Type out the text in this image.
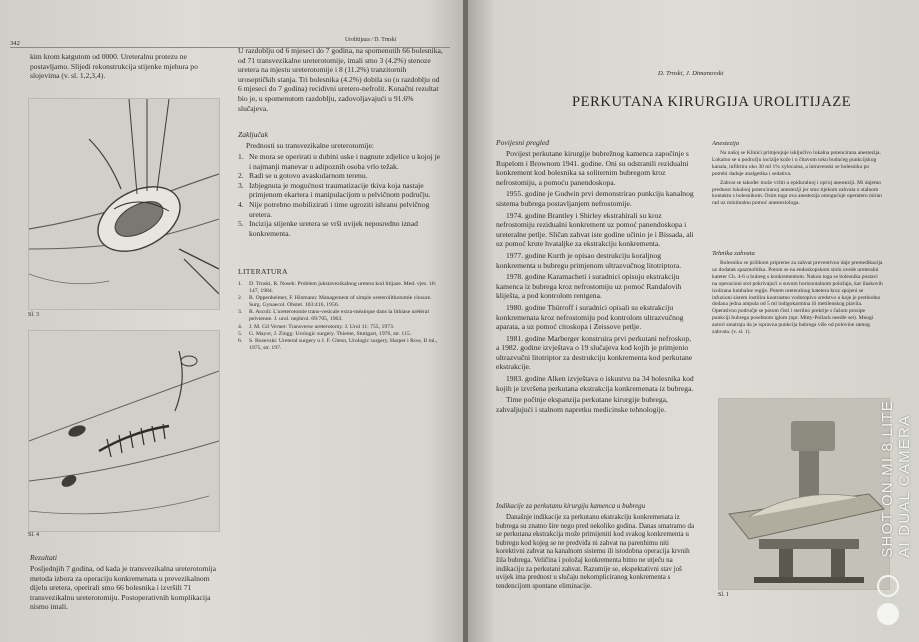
342	Urolitijaza / D. Trnski
kim krom katgutom od 0000. Ureteralnu protezu ne postavljamo. Slijedi rekonstrukcija stijenke mjehura po slojevima (v. sl. 1,2,3,4).
Sl. 3
Sl. 4
Rezultati
Posljednjih 7 godina, od kada je transvezikalna ureterotomija metoda izbora za operaciju konkremenata u prevezikalnom dijelu uretera, operirali smo 66 bolesnika i izvršili 71 transvezikalnu ureterotomiju. Postoperativnih komplikacija nismo imali.
U razdoblju od 6 mjeseci do 7 godina, na spomenutih 66 bolesnika, od 71 transvezikalne ureterotomije, imali smo 3 (4.2%) stenoze uretera na mjestu ureterotomije i 8 (11.2%) tranzitornih uroseptičkih stanja. Tri bolesnika (4.2%) dobila su (u razdoblju od 6 mjeseci do 7 godina) recidivni ureterо-nefrolit. Konačni rezultat bio je, u spomenutom razdoblju, zadovoljavajući u 91.6% slučajeva.
Zaključak
Prednosti su transvezikalne ureterotomije:
1. Ne mora se operirati u dubini uske i nagnute zdjelice u kojoj je i najmanji manevar u adipoznih osoba vrlo težak.
2. Radi se u gotovo avaskularnom terenu.
3. Izbjegnuta je mogućnost traumatizacije tkiva koja nastaje primjenom ekartera i manipulacijom u pelvičnom području.
4. Nije potrebno mobilizirati i time ugroziti ishranu pelvičnog uretera.
5. Incizija stijenke uretera se vrši uvijek neposredno iznad konkrementa.
LITERATURA
1. D. Trnski, R. Nosek: Problem jukstavezikalnog uretera kod litijaze. Med. vjes. 16: 147, 1984.
2. R. Oppenheimer, F. Hinmann: Management of simple ureterolithotomie closure. Surg. Gynaecol. Obstet. 103:416, 1956.
3. R. Ascoli: L'ureterotomie trans-vesicale extra-méatique dans la lithiase urétéral pelvienne. J. urol. nephrol. 69:705, 1963.
4. J. M. Gil Vernet: Transverse ureterotomy. J. Urol 11: 755, 1973.
5. G. Mayor, J. Zingg: Urologic surgery. Thieme, Stuttgart, 1976, str. 115.
6. S. Bosevski: Ureteral surgery u J. F. Glenn, Urologic surgery, Harper i Row, II inl., 1975, str. 197.
D. Trnski, J. Dimanovski
PERKUTANA KIRURGIJA UROLITIJAZE
Povijesni pregled
Povijest perkutane kirurgije bubrežnog kamenca započinje s Rupelom i Brownom 1941. godine. Oni su odstranili rezidualni konkrement kod bolesnika sa soliternim bubregom kroz nefrostomiju, a pomoću panendoskopa.
1955. godine je Gudwin prvi demonstrirao punkciju kanalnog sistema bubrega postavljanjem nefrostomije.
1974. godine Brantley i Shirley ekstrahirali su kroz nefrostomiju rezidualni konkrement uz pomoć panendoskopa i ureteralne petlje. Sličan zahvat iste godine učinio je i Bissada, ali uz pomoć krute hvataljke za ekstrakciju konkrementa.
1977. godine Kurth je opisao destrukciju koraljnog konkrementa u bubregu primjenom ultrazvučnog litotriptora.
1978. godine Karamacheti i suradnici opisuju ekstrakciju kamenca iz bubrega kroz nefrostomiju uz pomoć Randalovih kliješta, a pod kontrolom rentgena.
1980. godine Thürroff i suradnici opisali su ekstrakciju konkremenata kroz nefrostomiju pod kontrolom ultrazvučnog aparata, a uz pomoć citoskopa i Zeissove petlje.
1981. godine Marberger konstruira prvi perkutani nefroskop, a 1982. godine izvještava o 19 slučajeva kod kojih je primjenio ultrazvučni litotriptor za destrukciju konkrementa kod perkutane ekstrakcije.
1983. godine Alken izvještava o iskustvu na 34 bolesnika kod kojih je izvršena perkutana ekstrakcija konkremenata iz bubrega.
Time počinje ekspanzija perkutane kirurgije bubrega, zahvaljujući i stalnom napretku medicinske tehnologije.
Indikacije za perkutanu kirurgiju kamenca u bubregu
Današnje indikacije za perkutanu ekstrakciju konkremenata iz bubrega su znatno šire nego pred nekoliko godina. Danas smatramo da se perkutana ekstrakcija može primijeniti kod svakog konkrementa u bubregu kod kojeg se ne predviđa ni zahvat na parenhimu niti korektivni zahvat na kanalnom sistemu ili istodobna operacija krvnih žila bubrega. Veličina i položaj konkrementa bitno ne utječu na indikaciju za perkutani zahvat. Razumije se, ekspektativni stav još uvijek ima prednost u slučaju nekompliciranog konkrementa s tendencijom spontane eliminacije.
Anestezija
Na našoj se Klinici primjenjuje isključivo lokalna potencirana anestezija. Lokalno se u području incizije kože i u čitavom toku budućeg punkcijskog kanala, infiltrira oko 30 ml 1% xylocaina, a intravenski se bolesniku po potrebi daduje analgetika i sedativa.
Zahvat se također može vršiti u epiduralnoj i općoj anesteziji. Mi dajemo prednost lokalnoj potenciranoj anesteziji jer smo tijekom zahvata u stalnom kontaktu s bolesnikom. Osim toga ova anestezija omogućuje operateru miran rad uz minimalnu pomoć anesteziologa.
Tehnika zahvata
Bolesniku se prilikom pripreme za zahvat preventivno daje premedikacija uz dodatak spazmolitika. Potom se na endoskopskom stolu uvede ureteralni kateter Ch. 4-6 u bubreg s konkrementom. Nakon toga se bolesnika postavi na operacioni stol pokrivajući u suvom horizontalnom položaju, kar ilaskovih izolirana lumbalne regije. Putem ureteralnog katetera kroz spojeni se infuzioni sistem instilira kontrastno vodotopivo sredstvo u koje je prethodno dodana jedna ampula od 5 ml indigokarmina ili metilenskog plavila. Operativno područje se potom čisti i sterilno prekrije s čašom prosipe punkciji bubrega posebnom iglom (npr. Mitty-Pollack needle set). Mnogi autori smatraju da je ispravna punkcija bubrega više od polovine samog zahvata. (v. sl. 1).
Sl. 1
SHOT ON MI 8 LITE
AI DUAL CAMERA
